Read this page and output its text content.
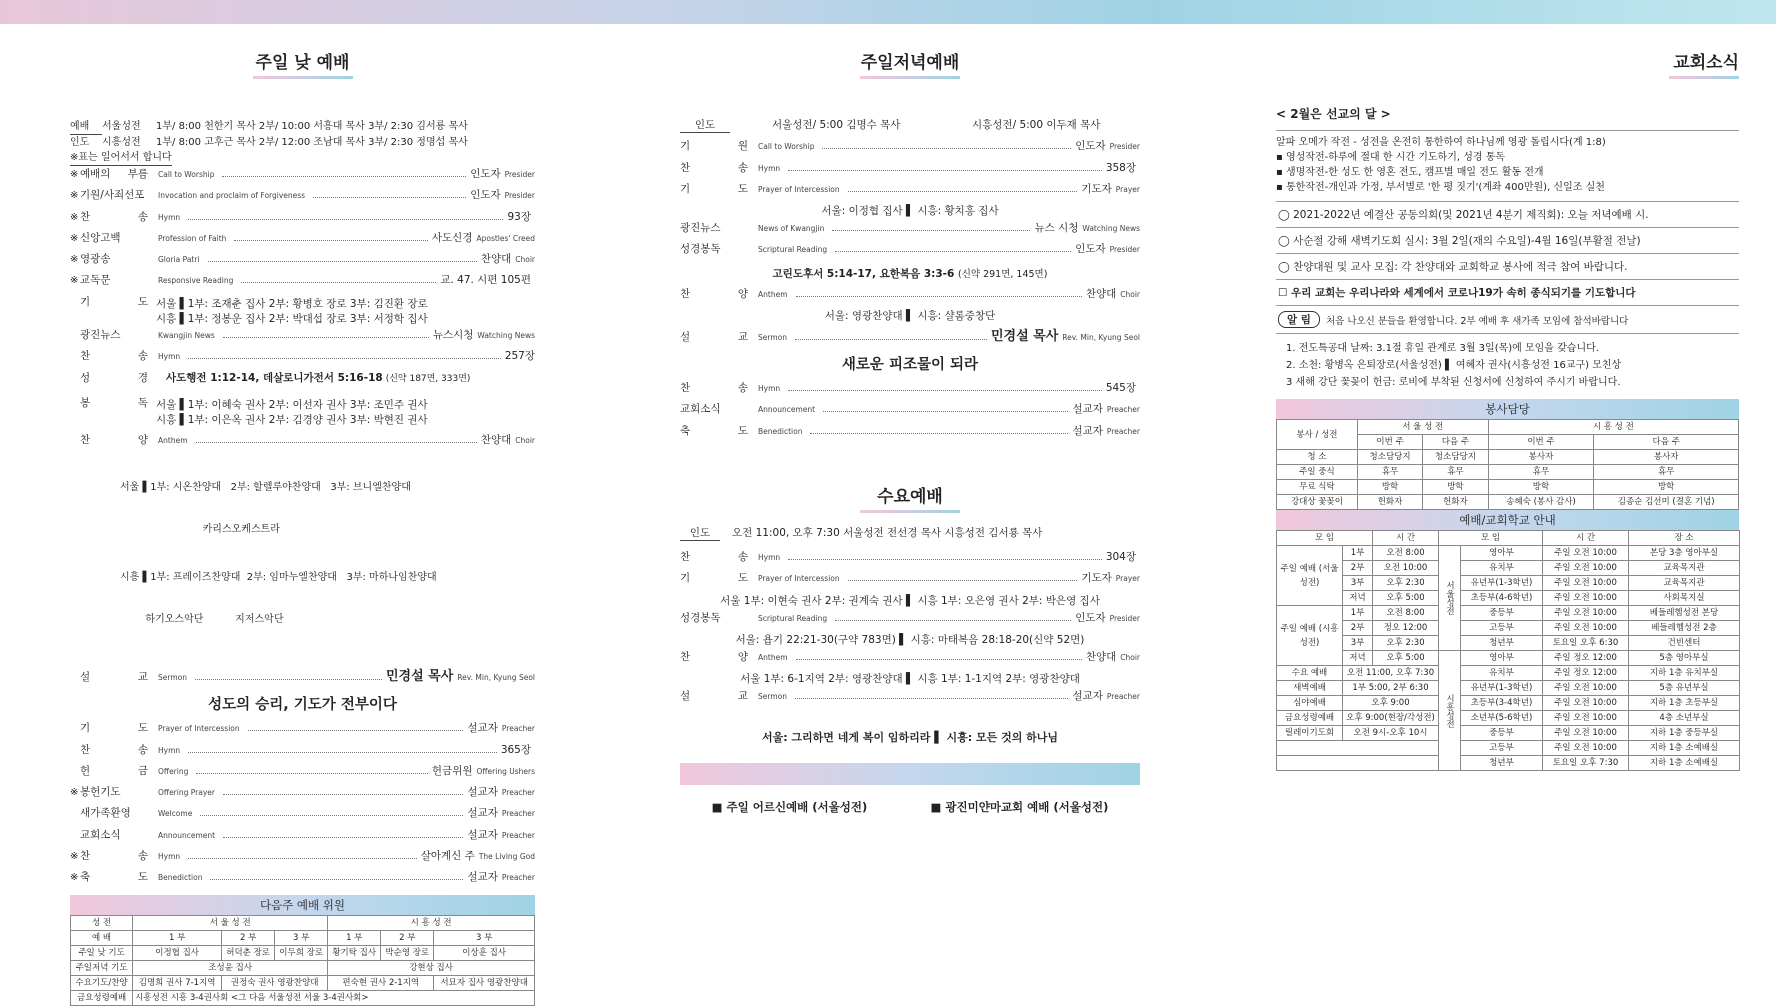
주일 낮 예배
예배	서울성전	1부/ 8:00 천한기 목사 2부/ 10:00 서흥대 목사 3부/ 2:30 김서룡 목사
인도	시흥성전	1부/ 8:00 고후근 목사 2부/ 12:00 조남대 목사 3부/ 2:30 정명섭 목사
※표는 일어서서 합니다
※ 예배의 부름	Call to Worship	인도자 Presider
※ 기원/사죄선포	Invocation and proclaim of Forgiveness	인도자 Presider
※ 찬 송	Hymn	93장
※ 신앙고백	Profession of Faith	사도신경 Apostles' Creed
※ 영광송	Gloria Patri	찬양대 Choir
※ 교독문	Responsive Reading	교. 47. 시편 105편
기 도 서울 ▌1부: 조재춘 집사 2부: 황병호 장로 3부: 김진환 장로
시흥 ▌1부: 정봉운 집사 2부: 박대섭 장로 3부: 서정학 집사
광진뉴스	Kwangjin News	뉴스시청 Watching News
찬 송	Hymn	257장
성 경	사도행전 1:12-14, 데살로니가전서 5:16-18 (신약 187면, 333면)
봉 독 서울 ▌1부: 이혜숙 권사 2부: 이선자 권사 3부: 조민주 권사
시흥 ▌1부: 이은옥 권사 2부: 김경양 권사 3부: 박현진 권사
찬 양	Anthem	찬양대 Choir

서울 ▌1부: 시온찬양대   2부: 할렐루야찬양대   3부: 브니엘찬양대

카리스오케스트라

시흥 ▌1부: 프레이즈찬양대  2부: 임마누엘찬양대   3부: 마하나임찬양대

하기오스악단          지저스악단

설 교	Sermon	민경설 목사 Rev. Min, Kyung Seol
성도의 승리, 기도가 전부이다
기 도	Prayer of Intercession	설교자 Preacher
찬 송	Hymn	365장
헌 금	Offering	헌금위원 Offering Ushers
※ 봉헌기도	Offering Prayer	설교자 Preacher
새가족환영	Welcome	설교자 Preacher
교회소식	Announcement	설교자 Preacher
※ 찬 송	Hymn	살아계신 주 The Living God
※ 축 도	Benediction	설교자 Preacher
다음주 예배 위원
성 전	서 울 성 전			시 흥 성 전		
예 배	1 부	2 부	3 부	1 부	2 부	3 부
주일 낮 기도	이정협 집사	허덕춘 장로	이두희 장로	황기탁 집사	박순영 장로	이상훈 집사
주일저녁 기도	조성윤 집사			강현상 집사		
수요기도/찬양	김명희 권사 7-1지역	권정숙 권사 영광찬양대		편숙현 권사 2-1지역		서묘자 집사 영광찬양대
금요성령예배	시흥성전 시흥 3-4권사회 <그 다음 서울성전 서울 3-4권사회>					
주일저녁예배
인도	서울성전/ 5:00 김명수 목사	시흥성전/ 5:00 이두재 목사
기 원	Call to Worship	인도자 Presider
찬 송	Hymn	358장
기 도	Prayer of Intercession	기도자 Prayer
서울: 이정협 집사 ▌ 시흥: 황치홍 집사
광진뉴스	News of Kwangjin	뉴스 시청 Watching News
성경봉독	Scriptural Reading	인도자 Presider
고린도후서 5:14-17, 요한복음 3:3-6 (신약 291면, 145면)
찬 양	Anthem	찬양대 Choir
서울: 영광찬양대 ▌ 시흥: 샬롬중창단
설 교	Sermon	민경설 목사 Rev. Min, Kyung Seol
새로운 피조물이 되라
찬 송	Hymn	545장
교회소식	Announcement	설교자 Preacher
축 도	Benediction	설교자 Preacher
수요예배
인도	오전 11:00, 오후 7:30 서울성전 전선경 목사 시흥성전 김서룡 목사
찬 송	Hymn	304장
기 도	Prayer of Intercession	기도자 Prayer
서울 1부: 이현숙 권사 2부: 권계숙 권사 ▌ 시흥 1부: 오은영 권사 2부: 박은영 집사
성경봉독	Scriptural Reading	인도자 Presider
서울: 욥기 22:21-30(구약 783면) ▌ 시흥: 마태복음 28:18-20(신약 52면)
찬 양	Anthem	찬양대 Choir
서울 1부: 6-1지역 2부: 영광찬양대 ▌ 시흥 1부: 1-1지역 2부: 영광찬양대
설 교	Sermon	설교자 Preacher
서울: 그리하면 네게 복이 임하리라 ▌ 시흥: 모든 것의 하나님
■ 주일 어르신예배 (서울성전)	■ 광진미얀마교회 예배 (서울성전)
교회소식
< 2월은 선교의 달 >
알파 오메가 작전 - 성전을 온전히 통한하여 하나님께 영광 돌립시다(계 1:8)
▪ 영성작전-하루에 절대 한 시간 기도하기, 성경 통독
▪ 생명작전-한 성도 한 영혼 전도, 캠프별 매일 전도 활동 전개
▪ 통한작전-개인과 가정, 부서별로 '한 평 짓기'(계좌 400만원), 신일조 실천
◯ 2021-2022년 예결산 공동의회(및 2021년 4분기 제직회): 오늘 저녁예배 시.
◯ 사순절 강해 새벽기도회 실시: 3월 2일(재의 수요일)-4월 16일(부활절 전날)
◯ 찬양대원 및 교사 모집: 각 찬양대와 교회학교 봉사에 적극 참여 바랍니다.
☐ 우리 교회는 우리나라와 세계에서 코로나19가 속히 종식되기를 기도합니다
알 림	처음 나오신 분들을 환영합니다. 2부 예배 후 새가족 모임에 참석바랍니다
1. 전도특공대 날짜: 3.1절 휴일 관계로 3월 3일(목)에 모임을 갖습니다.
2. 소천: 황병옥 은퇴장로(서울성전) ▌ 여혜자 권사(시흥성전 16교구) 모친상
3 새해 강단 꽃꽂이 헌금: 로비에 부착된 신청서에 신청하여 주시기 바랍니다.
봉사담당
봉사 / 성전	서 울 성 전		시 흥 성 전	
	이번 주	다음 주	이번 주	다음 주
청 소	청소담당지	청소담당지	봉사자	봉사자
주일 중식	휴무	휴무	휴무	휴무
무료 식탁	방학	방학	방학	방학
강대상 꽃꽂이	헌화자	헌화자	송혜숙 (봉사 감사)	김종순 김선미 (결혼 기념)
예배/교회학교 안내
모 임		시 간	모 임		시 간	장 소
주일 예배 (서울성전)	1부	오전 8:00	서울성전	영아부	주일 오전 10:00	본당 3층 영아부실
	2부	오전 10:00		유치부	주일 오전 10:00	교육목지관
	3부	오후 2:30		유년부(1-3학년)	주일 오전 10:00	교육목지관
	저녁	오후 5:00		초등부(4-6학년)	주일 오전 10:00	사회목지실
주일 예배 (시흥성전)	1부	오전 8:00		중등부	주일 오전 10:00	베들레헴성전 본당
	2부	정오 12:00		고등부	주일 오전 10:00	베들레헴성전 2층
	3부	오후 2:30		청년부	토요일 오후 6:30	건빈센터
	저녁	오후 5:00	시흥성전	영아부	주일 정오 12:00	5층 영아부실
수요 예배	오전 11:00, 오후 7:30			유치부	주일 정오 12:00	지하 1층 유치부실
새벽예배	1부 5:00, 2부 6:30			유년부(1-3학년)	주일 오전 10:00	5층 유년부실
심야예배	오후 9:00			초등부(3-4학년)	주일 오전 10:00	지하 1층 초등부실
금요성령예배	오후 9:00(현장/각성전)			소년부(5-6학년)	주일 오전 10:00	4층 소년부실
릴레이기도회	오전 9시-오후 10시			중등부	주일 오전 10:00	지하 1층 중등부실
				고등부	주일 오전 10:00	지하 1층 소예배실
				청년부	토요일 오후 7:30	지하 1층 소예배실
